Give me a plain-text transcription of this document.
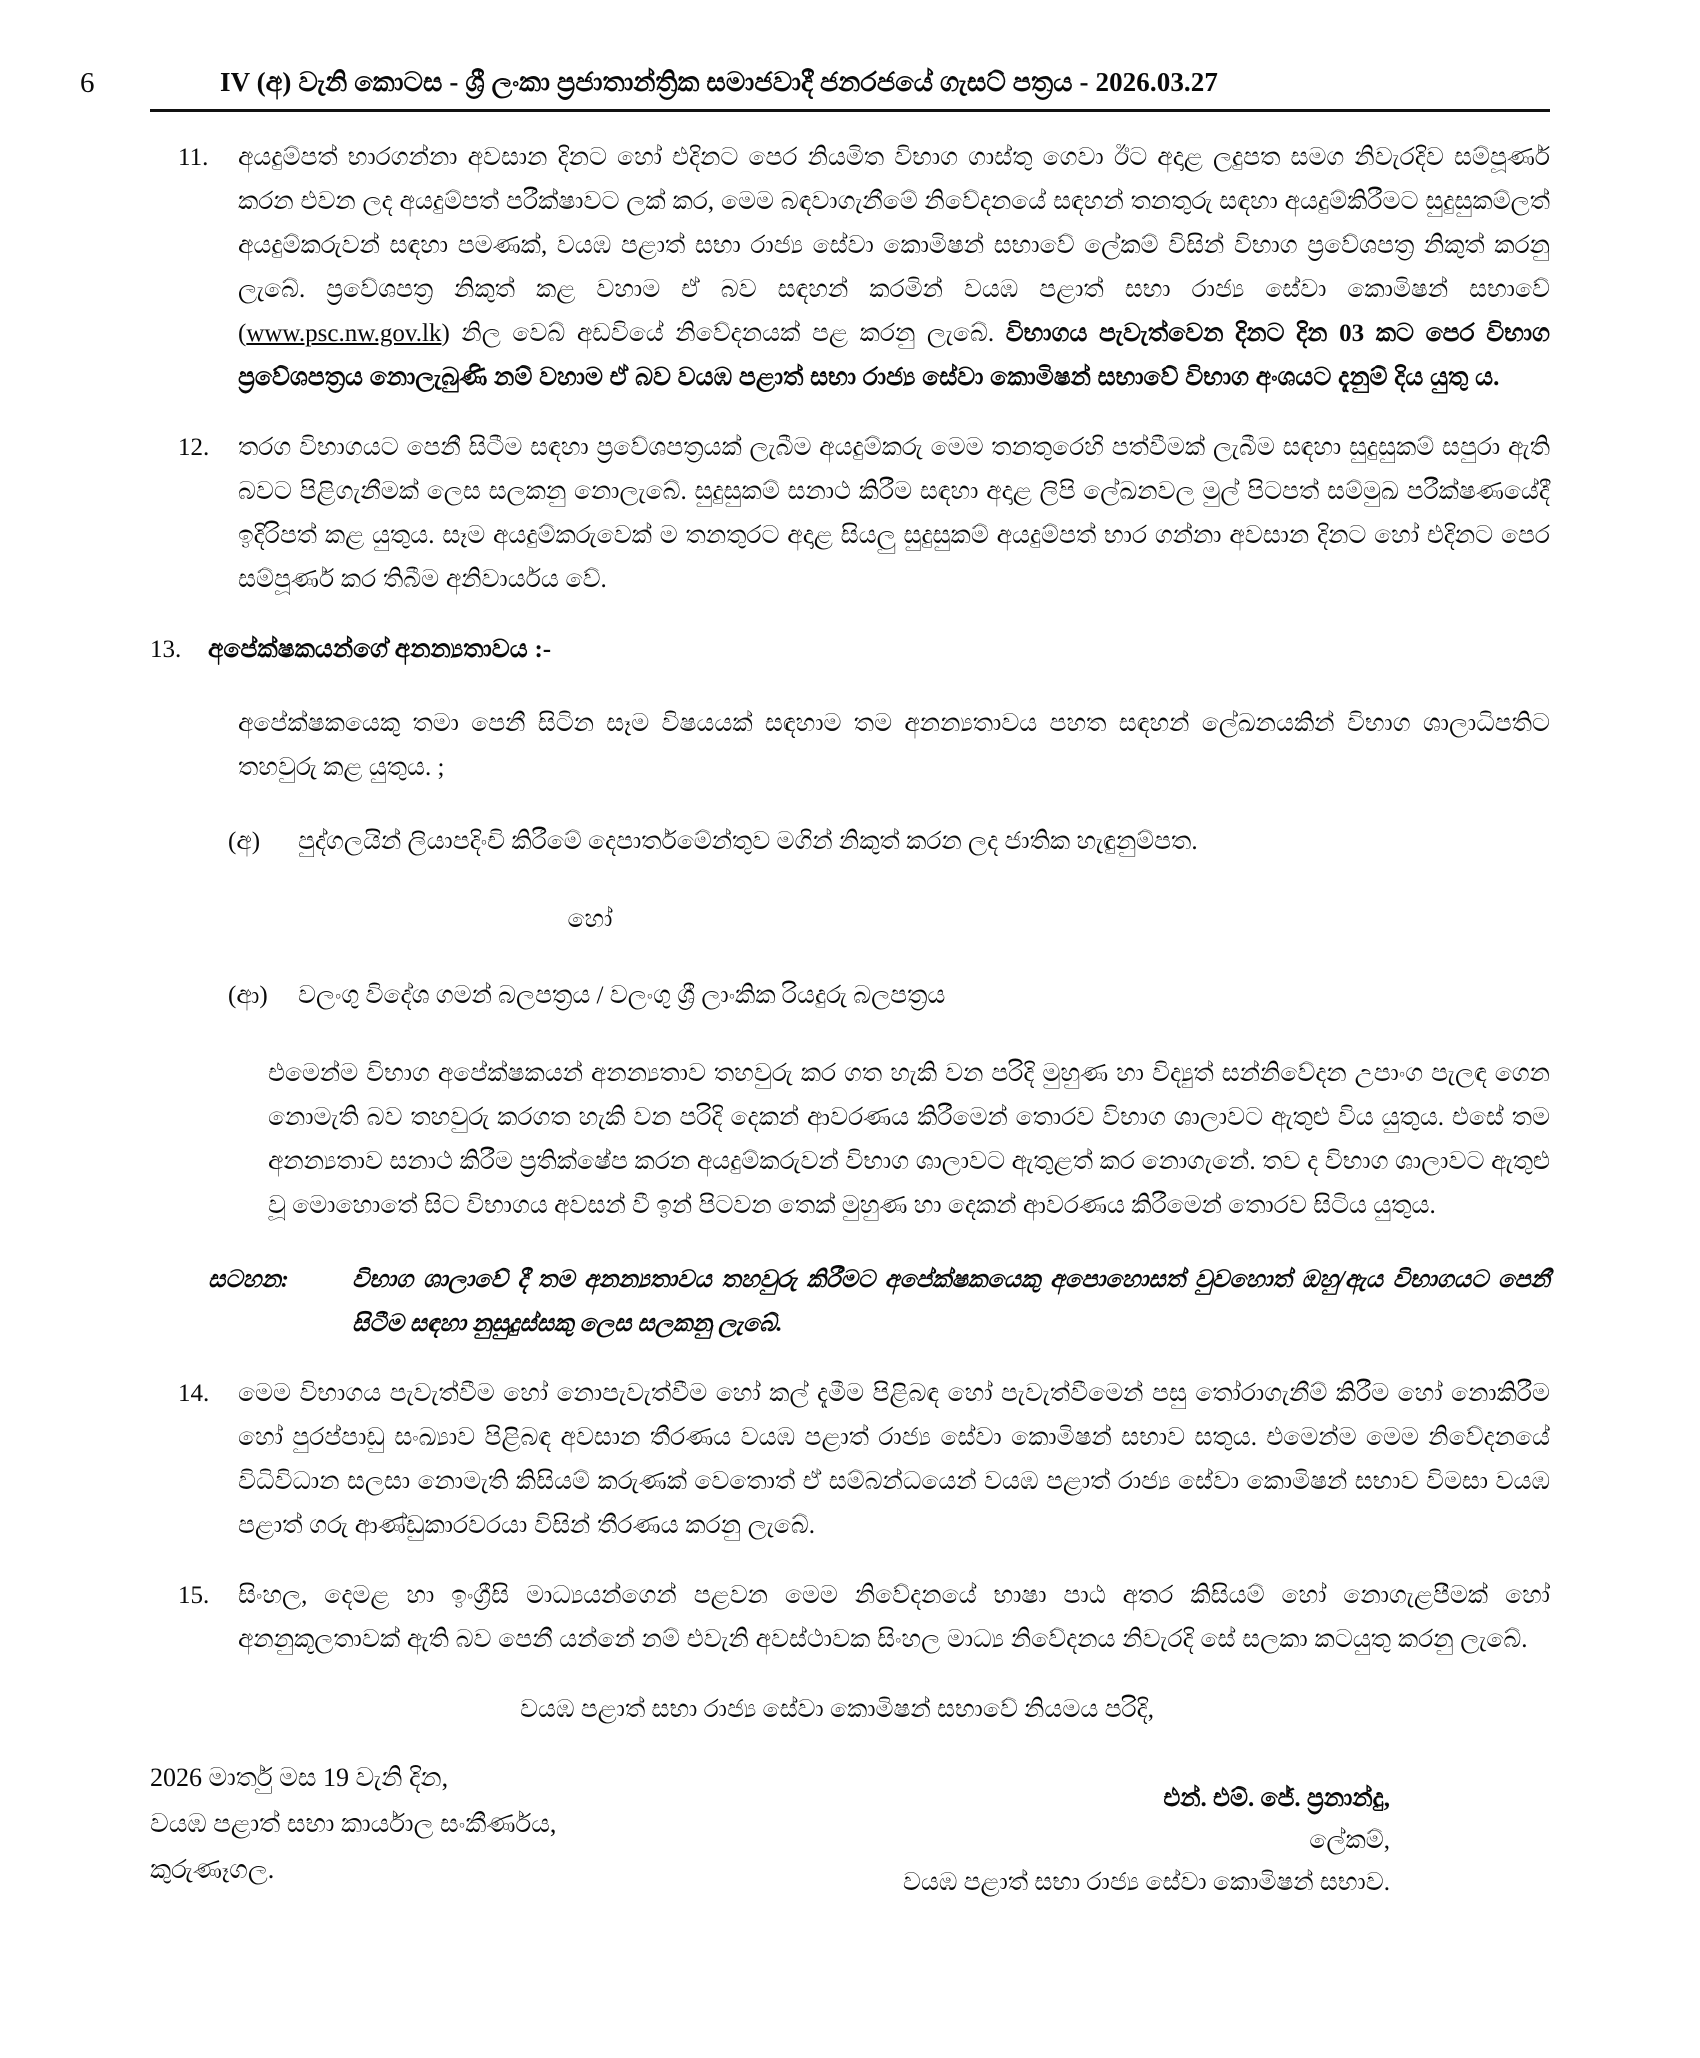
6	IV (අ) වැනි කොටස - ශ්‍රී ලංකා ප්‍රජාතාන්ත්‍රික සමාජවාදී ජනරජයේ ගැසට් පත්‍රය - 2026.03.27
11.	අයදුම්පත් භාරගන්නා අවසාන දිනට හෝ එදිනට පෙර නියමිත විභාග ගාස්තු ගෙවා ඊට අදාළ ලදුපත සමග නිවැරදිව සම්පූර්ණ කරන එවන ලද අයදුම්පත් පරීක්ෂාවට ලක් කර, මෙම බඳවාගැනීමේ නිවේදනයේ සඳහන් තනතුරු සඳහා අයදුම්කිරීමට සුදුසුකම්ලත් අයදුම්කරුවන් සඳහා පමණක්, වයඹ පළාත් සභා රාජ්‍ය සේවා කොමිෂන් සභාවේ ලේකම් විසින් විභාග ප්‍රවේශපත්‍ර නිකුත් කරනු ලැබේ. ප්‍රවේශපත්‍ර නිකුත් කළ වහාම ඒ බව සඳහන් කරමින් වයඹ පළාත් සභා රාජ්‍ය සේවා කොමිෂන් සභාවේ (www.psc.nw.gov.lk) නිල වෙබ් අඩවියේ නිවේදනයක් පළ කරනු ලැබේ. විභාගය පැවැත්වෙන දිනට දින 03 කට පෙර විභාග ප්‍රවේශපත්‍රය නොලැබුණි නම් වහාම ඒ බව වයඹ පළාත් සභා රාජ්‍ය සේවා කොමිෂන් සභාවේ විභාග අංශයට දැනුම් දිය යුතු ය.
12.	තරග විභාගයට පෙනී සිටීම සඳහා ප්‍රවේශපත්‍රයක් ලැබීම අයදුම්කරු මෙම තනතුරෙහි පත්වීමක් ලැබීම සඳහා සුදුසුකම් සපුරා ඇති බවට පිළිගැනීමක් ලෙස සලකනු නොලැබේ. සුදුසුකම් සනාථ කිරීම සඳහා අදාළ ලිපි ලේඛනවල මුල් පිටපත් සම්මුඛ පරීක්ෂණයේදී ඉදිරිපත් කළ යුතුය. සෑම අයදුම්කරුවෙක් ම තනතුරට අදාළ සියලු සුදුසුකම් අයදුම්පත් භාර ගන්නා අවසාන දිනට හෝ එදිනට පෙර සම්පූර්ණ කර තිබීම අනිවාර්යය වේ.
13.	අපේක්ෂකයන්ගේ අනන්‍යතාවය :-
අපේක්ෂකයෙකු තමා පෙනී සිටින සෑම විෂයයක් සඳහාම තම අනන්‍යතාවය පහත සඳහන් ලේඛනයකින් විභාග ශාලාධිපතිට තහවුරු කළ යුතුය. ;
(අ)	පුද්ගලයින් ලියාපදිංචි කිරීමේ දෙපාර්තමේන්තුව මගින් නිකුත් කරන ලද ජාතික හැඳුනුම්පත.
හෝ
(ආ)	වලංගු විදේශ ගමන් බලපත්‍රය / වලංගු ශ්‍රී ලාංකික රියදුරු බලපත්‍රය
එමෙන්ම විභාග අපේක්ෂකයන් අනන්‍යතාව තහවුරු කර ගත හැකි වන පරිදි මුහුණ හා විද්‍යුත් සන්නිවේදන උපාංග පැලඳ ගෙන නොමැති බව තහවුරු කරගත හැකි වන පරිදි දෙකන් ආවරණය කිරීමෙන් තොරව විභාග ශාලාවට ඇතුළු විය යුතුය. එසේ තම අනන්‍යතාව සනාථ කිරීම ප්‍රතික්ෂේප කරන අයදුම්කරුවන් විභාග ශාලාවට ඇතුළත් කර නොගැනේ. තව ද විභාග ශාලාවට ඇතුළු වූ මොහොතේ සිට විභාගය අවසන් වී ඉන් පිටවන තෙක් මුහුණ හා දෙකන් ආවරණය කිරීමෙන් තොරව සිටිය යුතුය.
සටහන:	විභාග ශාලාවේ දී තම අනන්‍යතාවය තහවුරු කිරීමට අපේක්ෂකයෙකු අපොහොසත් වුවහොත් ඔහු/ඇය විභාගයට පෙනී සිටීම සඳහා නුසුදුස්සකු ලෙස සලකනු ලැබේ.
14.	මෙම විභාගය පැවැත්වීම හෝ නොපැවැත්වීම හෝ කල් දැමීම පිළිබඳ හෝ පැවැත්වීමෙන් පසු තෝරාගැනීම් කිරීම හෝ නොකිරීම හෝ පුරප්පාඩු සංඛ්‍යාව පිළිබඳ අවසාන තීරණය වයඹ පළාත් රාජ්‍ය සේවා කොමිෂන් සභාව සතුය. එමෙන්ම මෙම නිවේදනයේ විධිවිධාන සලසා නොමැති කිසියම් කරුණක් වෙතොත් ඒ සම්බන්ධයෙන් වයඹ පළාත් රාජ්‍ය සේවා කොමිෂන් සභාව විමසා වයඹ පළාත් ගරු ආණ්ඩුකාරවරයා විසින් තීරණය කරනු ලැබේ.
15.	සිංහල, දෙමළ හා ඉංග්‍රීසි මාධ්‍යයන්ගෙන් පළවන මෙම නිවේදනයේ භාෂා පාඨ අතර කිසියම් හෝ නොගැළපීමක් හෝ අනනුකූලතාවක් ඇති බව පෙනී යන්නේ නම් එවැනි අවස්ථාවක සිංහල මාධ්‍ය නිවේදනය නිවැරදි සේ සලකා කටයුතු කරනු ලැබේ.
වයඹ පළාත් සභා රාජ්‍ය සේවා කොමිෂන් සභාවේ නියමය පරිදි,
එන්. එම්. ජේ. ප්‍රනාන්දු,
ලේකම්,
වයඹ පළාත් සභා රාජ්‍ය සේවා කොමිෂන් සභාව.
2026 මාර්තු මස 19 වැනි දින,
වයඹ පළාත් සභා කාර්යාල සංකීර්ණය,
කුරුණෑගල.
